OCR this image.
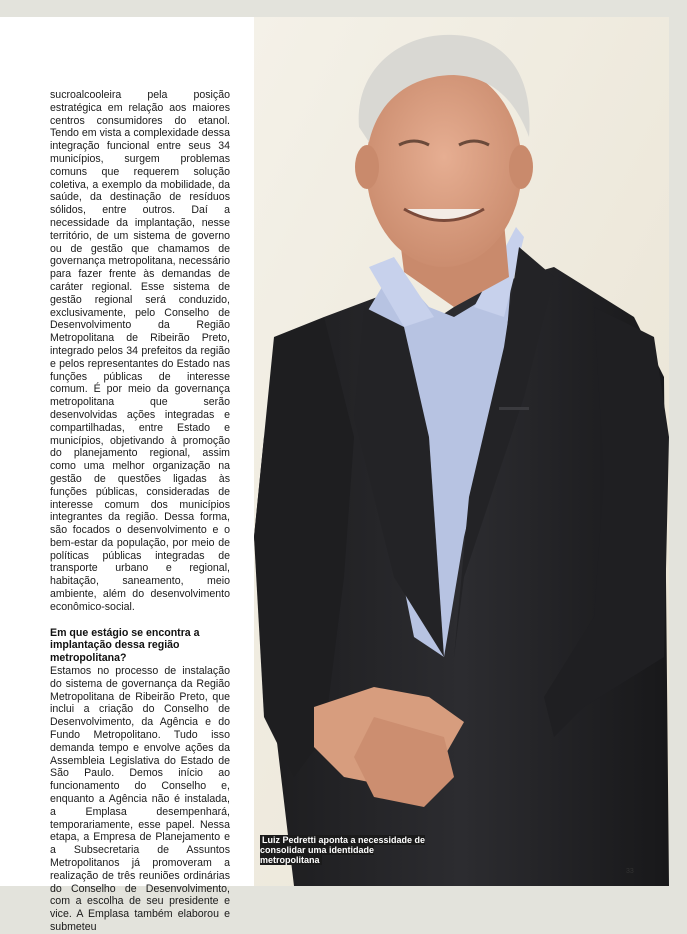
sucroalcooleira pela posição estratégica em relação aos maiores centros consumidores do etanol. Tendo em vista a complexidade dessa integração funcional entre seus 34 municípios, surgem problemas comuns que requerem solução coletiva, a exemplo da mobilidade, da saúde, da destinação de resíduos sólidos, entre outros. Daí a necessidade da implantação, nesse território, de um sistema de governo ou de gestão que chamamos de governança metropolitana, necessário para fazer frente às demandas de caráter regional. Esse sistema de gestão regional será conduzido, exclusivamente, pelo Conselho de Desenvolvimento da Região Metropolitana de Ribeirão Preto, integrado pelos 34 prefeitos da região e pelos representantes do Estado nas funções públicas de interesse comum. É por meio da governança metropolitana que serão desenvolvidas ações integradas e compartilhadas, entre Estado e municípios, objetivando à promoção do planejamento regional, assim como uma melhor organização na gestão de questões ligadas às funções públicas, consideradas de interesse comum dos municípios integrantes da região. Dessa forma, são focados o desenvolvimento e o bem-estar da população, por meio de políticas públicas integradas de transporte urbano e regional, habitação, saneamento, meio ambiente, além do desenvolvimento econômico-social.

Em que estágio se encontra a implantação dessa região metropolitana?

Estamos no processo de instalação do sistema de governança da Região Metropolitana de Ribeirão Preto, que inclui a criação do Conselho de Desenvolvimento, da Agência e do Fundo Metropolitano. Tudo isso demanda tempo e envolve ações da Assembleia Legislativa do Estado de São Paulo. Demos início ao funcionamento do Conselho e, enquanto a Agência não é instalada, a Emplasa desempenhará, temporariamente, esse papel. Nessa etapa, a Empresa de Planejamento e a Subsecretaria de Assuntos Metropolitanos já promoveram a realização de três reuniões ordinárias do Conselho de Desenvolvimento, com a escolha de seu presidente e vice. A Emplasa também elaborou e submeteu

Luiz Pedretti aponta a necessidade de consolidar uma identidade metropolitana
33
